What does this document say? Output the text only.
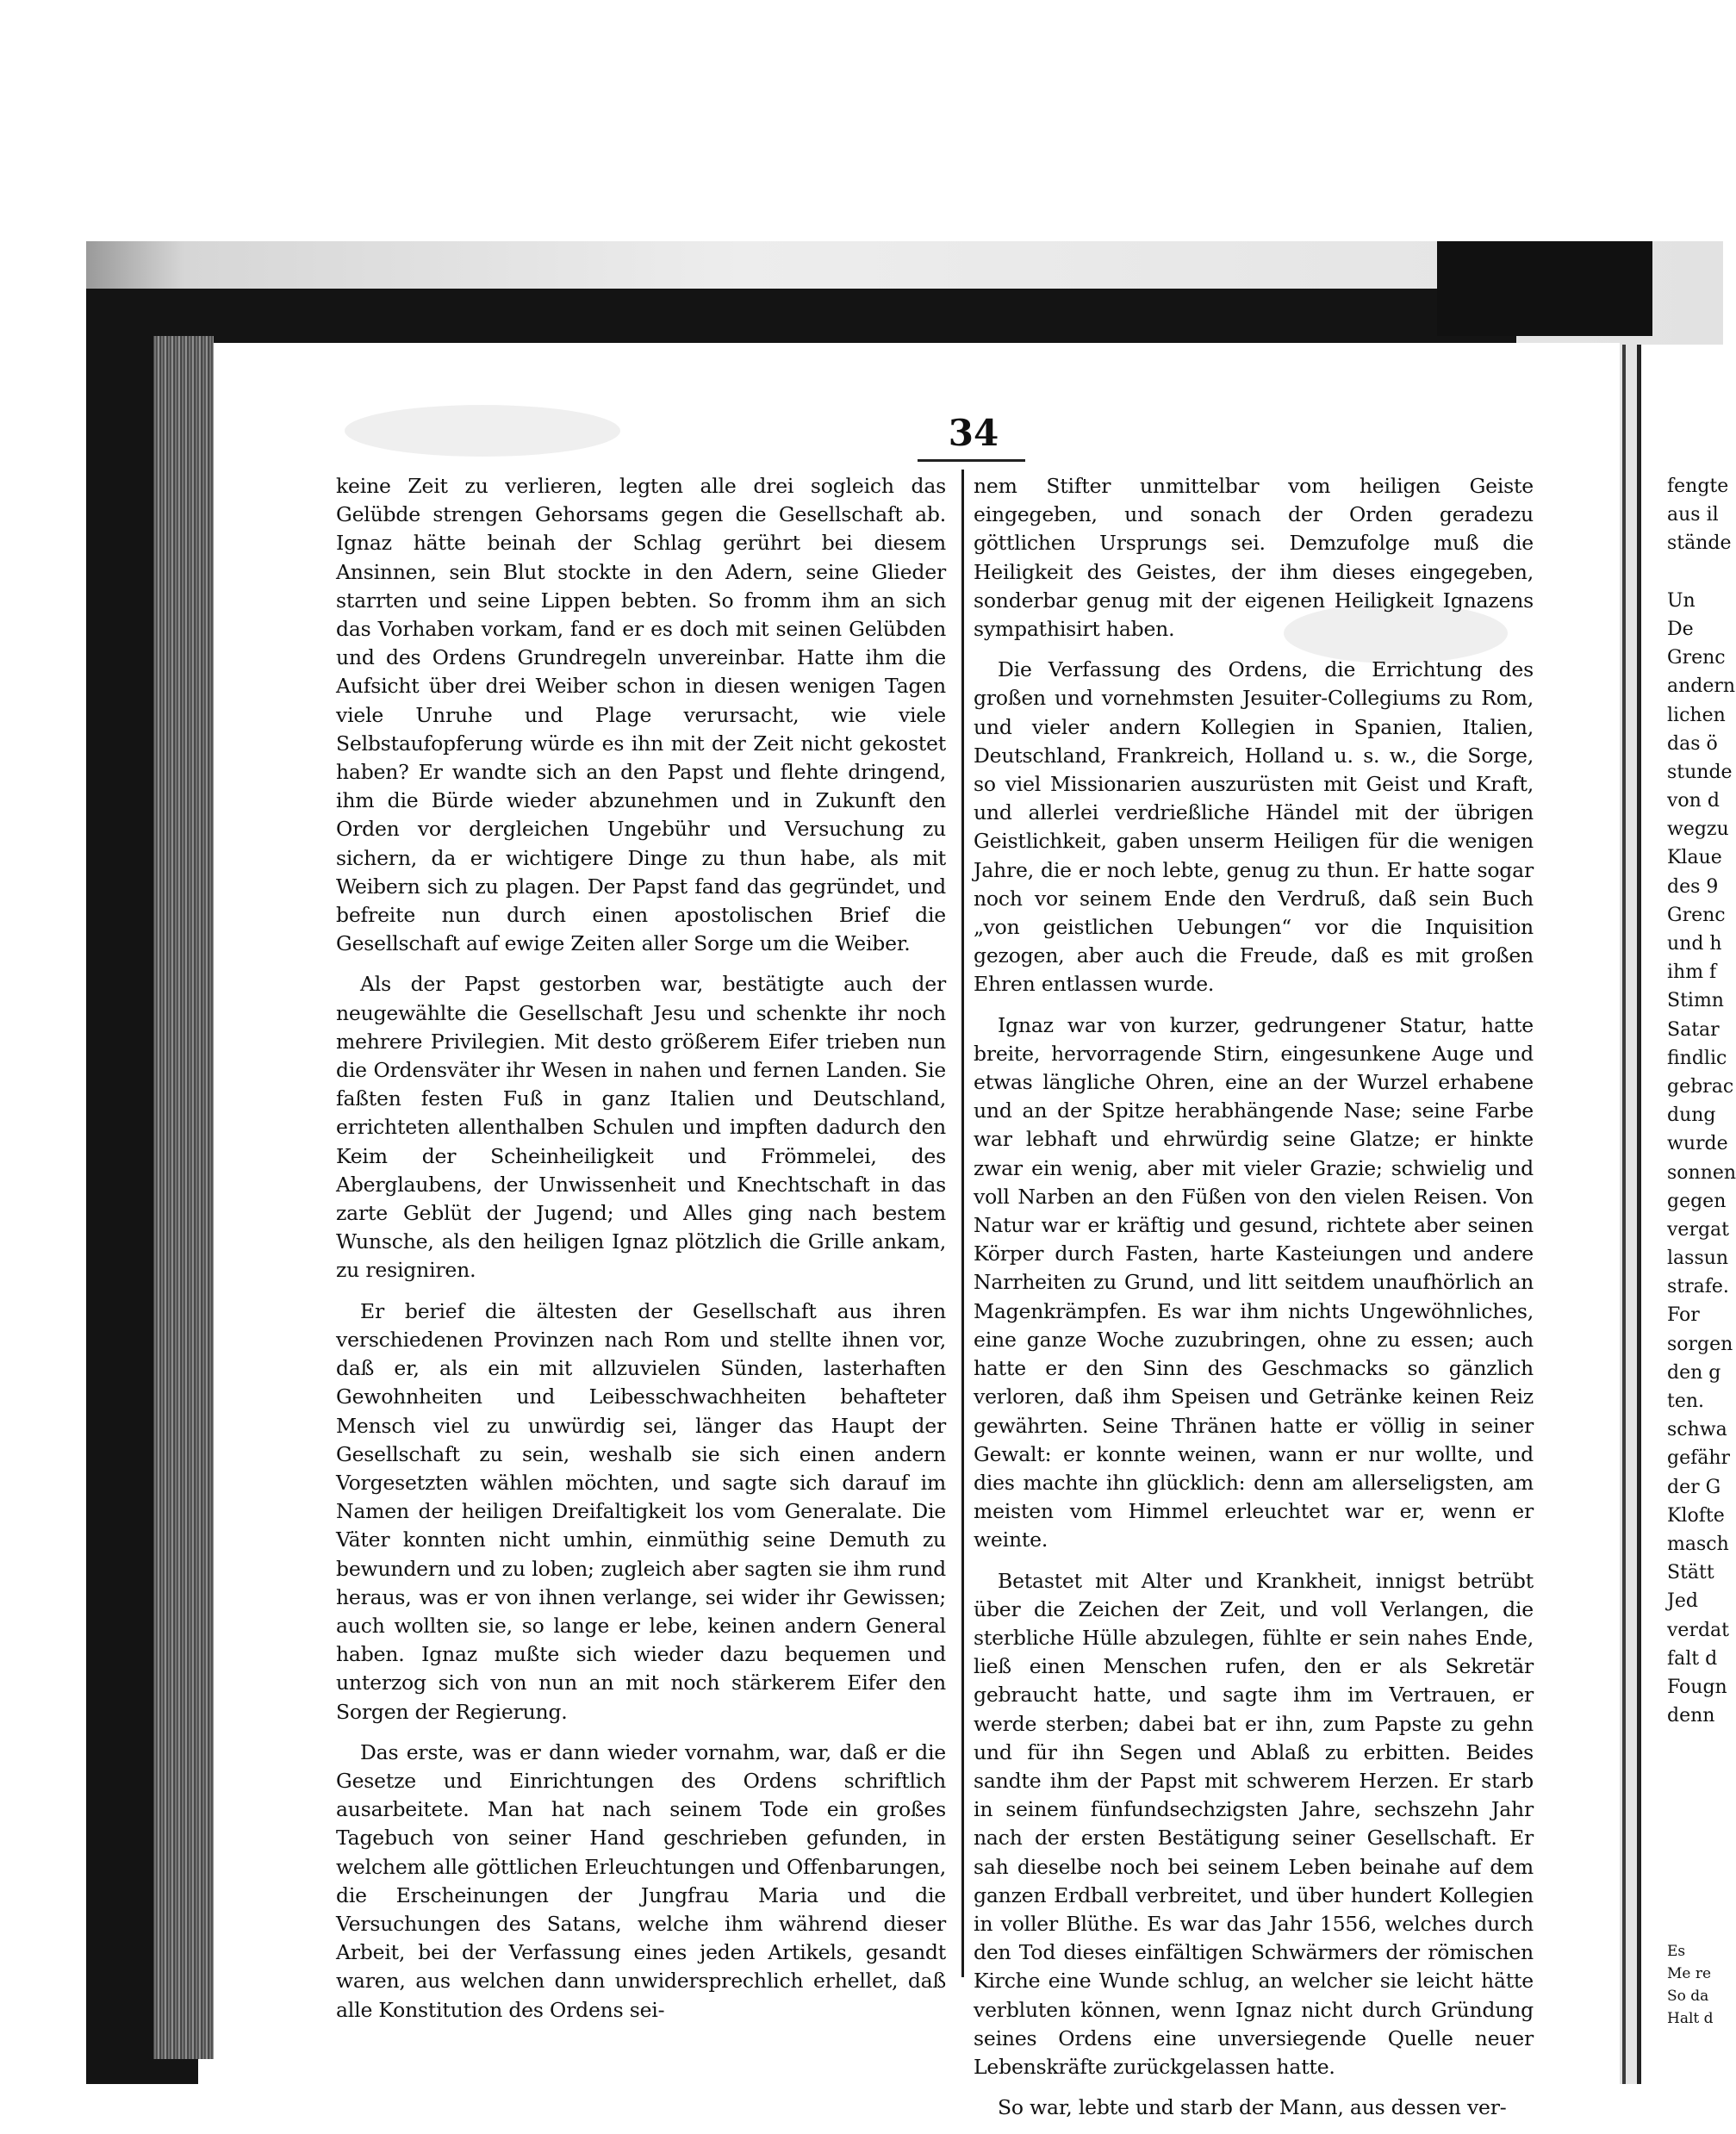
34

keine Zeit zu verlieren, legten alle drei sogleich das Gelübde strengen Gehorsams gegen die Gesellschaft ab. Ignaz hätte beinah der Schlag gerührt bei diesem Ansinnen, sein Blut stockte in den Adern, seine Glieder starrten und seine Lippen bebten. So fromm ihm an sich das Vorhaben vorkam, fand er es doch mit seinen Gelübden und des Ordens Grundregeln unvereinbar. Hatte ihm die Aufsicht über drei Weiber schon in diesen wenigen Tagen viele Unruhe und Plage verursacht, wie viele Selbstaufopferung würde es ihn mit der Zeit nicht gekostet haben? Er wandte sich an den Papst und flehte dringend, ihm die Bürde wieder abzunehmen und in Zukunft den Orden vor dergleichen Ungebühr und Versuchung zu sichern, da er wichtigere Dinge zu thun habe, als mit Weibern sich zu plagen. Der Papst fand das gegründet, und befreite nun durch einen apostolischen Brief die Gesellschaft auf ewige Zeiten aller Sorge um die Weiber.

Als der Papst gestorben war, bestätigte auch der neugewählte die Gesellschaft Jesu und schenkte ihr noch mehrere Privilegien. Mit desto größerem Eifer trieben nun die Ordensväter ihr Wesen in nahen und fernen Landen. Sie faßten festen Fuß in ganz Italien und Deutschland, errichteten allenthalben Schulen und impften dadurch den Keim der Scheinheiligkeit und Frömmelei, des Aberglaubens, der Unwissenheit und Knechtschaft in das zarte Geblüt der Jugend; und Alles ging nach bestem Wunsche, als den heiligen Ignaz plötzlich die Grille ankam, zu resigniren.

Er berief die ältesten der Gesellschaft aus ihren verschiedenen Provinzen nach Rom und stellte ihnen vor, daß er, als ein mit allzuvielen Sünden, lasterhaften Gewohnheiten und Leibesschwachheiten behafteter Mensch viel zu unwürdig sei, länger das Haupt der Gesellschaft zu sein, weshalb sie sich einen andern Vorgesetzten wählen möchten, und sagte sich darauf im Namen der heiligen Dreifaltigkeit los vom Generalate. Die Väter konnten nicht umhin, einmüthig seine Demuth zu bewundern und zu loben; zugleich aber sagten sie ihm rund heraus, was er von ihnen verlange, sei wider ihr Gewissen; auch wollten sie, so lange er lebe, keinen andern General haben. Ignaz mußte sich wieder dazu bequemen und unterzog sich von nun an mit noch stärkerem Eifer den Sorgen der Regierung.

Das erste, was er dann wieder vornahm, war, daß er die Gesetze und Einrichtungen des Ordens schriftlich ausarbeitete. Man hat nach seinem Tode ein großes Tagebuch von seiner Hand geschrieben gefunden, in welchem alle göttlichen Erleuchtungen und Offenbarungen, die Erscheinungen der Jungfrau Maria und die Versuchungen des Satans, welche ihm während dieser Arbeit, bei der Verfassung eines jeden Artikels, gesandt waren, aus welchen dann unwidersprechlich erhellet, daß alle Konstitution des Ordens sei-

nem Stifter unmittelbar vom heiligen Geiste eingegeben, und sonach der Orden geradezu göttlichen Ursprungs sei. Demzufolge muß die Heiligkeit des Geistes, der ihm dieses eingegeben, sonderbar genug mit der eigenen Heiligkeit Ignazens sympathisirt haben.

Die Verfassung des Ordens, die Errichtung des großen und vornehmsten Jesuiter-Collegiums zu Rom, und vieler andern Kollegien in Spanien, Italien, Deutschland, Frankreich, Holland u. s. w., die Sorge, so viel Missionarien auszurüsten mit Geist und Kraft, und allerlei verdrießliche Händel mit der übrigen Geistlichkeit, gaben unserm Heiligen für die wenigen Jahre, die er noch lebte, genug zu thun. Er hatte sogar noch vor seinem Ende den Verdruß, daß sein Buch „von geistlichen Uebungen“ vor die Inquisition gezogen, aber auch die Freude, daß es mit großen Ehren entlassen wurde.

Ignaz war von kurzer, gedrungener Statur, hatte breite, hervorragende Stirn, eingesunkene Auge und etwas längliche Ohren, eine an der Wurzel erhabene und an der Spitze herabhängende Nase; seine Farbe war lebhaft und ehrwürdig seine Glatze; er hinkte zwar ein wenig, aber mit vieler Grazie; schwielig und voll Narben an den Füßen von den vielen Reisen. Von Natur war er kräftig und gesund, richtete aber seinen Körper durch Fasten, harte Kasteiungen und andere Narrheiten zu Grund, und litt seitdem unaufhörlich an Magenkrämpfen. Es war ihm nichts Ungewöhnliches, eine ganze Woche zuzubringen, ohne zu essen; auch hatte er den Sinn des Geschmacks so gänzlich verloren, daß ihm Speisen und Getränke keinen Reiz gewährten. Seine Thränen hatte er völlig in seiner Gewalt: er konnte weinen, wann er nur wollte, und dies machte ihn glücklich: denn am allerseligsten, am meisten vom Himmel erleuchtet war er, wenn er weinte.

Betastet mit Alter und Krankheit, innigst betrübt über die Zeichen der Zeit, und voll Verlangen, die sterbliche Hülle abzulegen, fühlte er sein nahes Ende, ließ einen Menschen rufen, den er als Sekretär gebraucht hatte, und sagte ihm im Vertrauen, er werde sterben; dabei bat er ihn, zum Papste zu gehn und für ihn Segen und Ablaß zu erbitten. Beides sandte ihm der Papst mit schwerem Herzen. Er starb in seinem fünfundsechzigsten Jahre, sechszehn Jahr nach der ersten Bestätigung seiner Gesellschaft. Er sah dieselbe noch bei seinem Leben beinahe auf dem ganzen Erdball verbreitet, und über hundert Kollegien in voller Blüthe. Es war das Jahr 1556, welches durch den Tod dieses einfältigen Schwärmers der römischen Kirche eine Wunde schlug, an welcher sie leicht hätte verbluten können, wenn Ignaz nicht durch Gründung seines Ordens eine unversiegende Quelle neuer Lebenskräfte zurückgelassen hatte.

So war, lebte und starb der Mann, aus dessen ver-

fengte
aus il
stände
Un
De
Grenc
andern
lichen
das ö
stunde
von d
wegzu
Klaue
des 9
Grenc
und h
ihm f
Stimn
Satar
findlic
gebrac
dung
wurde
sonnen
gegen
vergat
lassun
strafe.
For
sorgen
den g
ten.
schwa
gefähr
der G
Klofte
masch
Stätt
Jed
verdat
falt d
Fougn
denn
Es
Me re
So da
Halt d
